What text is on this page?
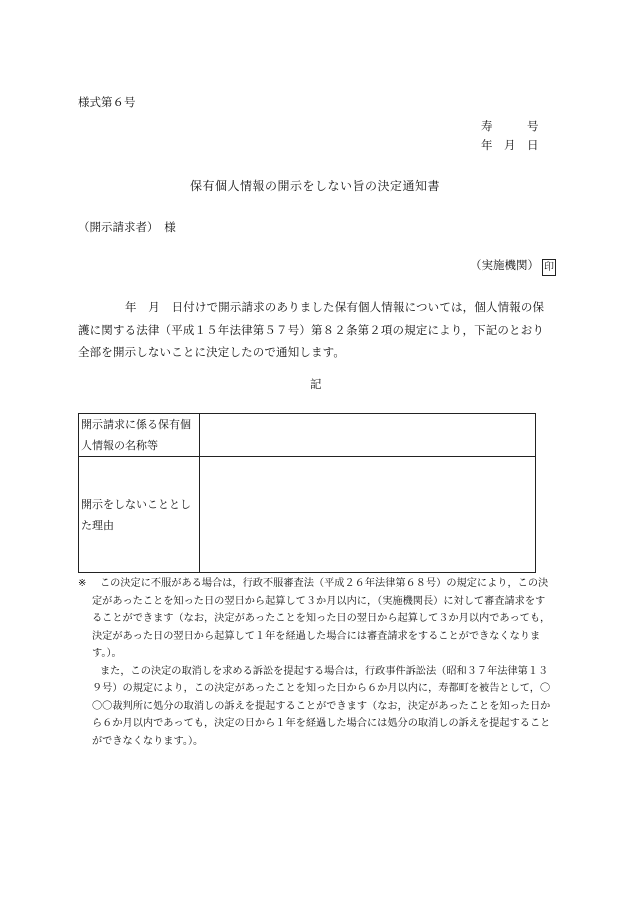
様式第６号
寿　　　号
年　月　日
保有個人情報の開示をしない旨の決定通知書
（開示請求者）　様
（実施機関） 印
年　月　日付けで開示請求のありました保有個人情報については，個人情報の保護に関する法律（平成１５年法律第５７号）第８２条第２項の規定により，下記のとおり全部を開示しないことに決定したので通知します。
記
開示請求に係る保有個人情報の名称等	
開示をしないこととした理由	
※	この決定に不服がある場合は，行政不服審査法（平成２６年法律第６８号）の規定により，この決定があったことを知った日の翌日から起算して３か月以内に，（実施機関長）に対して審査請求をすることができます（なお，決定があったことを知った日の翌日から起算して３か月以内であっても，決定があった日の翌日から起算して１年を経過した場合には審査請求をすることができなくなります。）。

また，この決定の取消しを求める訴訟を提起する場合は，行政事件訴訟法（昭和３７年法律第１３９号）の規定により，この決定があったことを知った日から６か月以内に，寿都町を被告として，〇〇〇裁判所に処分の取消しの訴えを提起することができます（なお，決定があったことを知った日から６か月以内であっても，決定の日から１年を経過した場合には処分の取消しの訴えを提起することができなくなります。）。
